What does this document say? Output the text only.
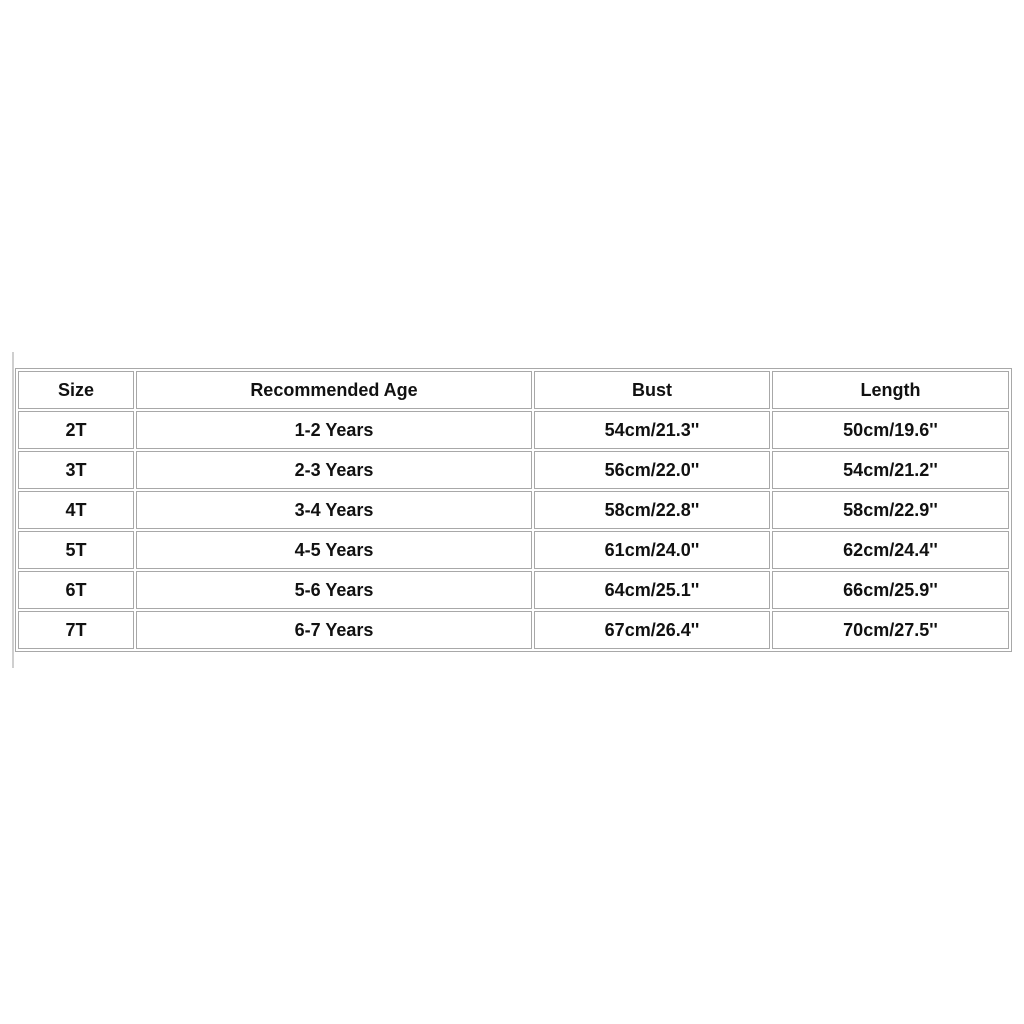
Size	Recommended Age	Bust	Length
2T	1-2 Years	54cm/21.3''	50cm/19.6''
3T	2-3 Years	56cm/22.0''	54cm/21.2''
4T	3-4 Years	58cm/22.8''	58cm/22.9''
5T	4-5 Years	61cm/24.0''	62cm/24.4''
6T	5-6 Years	64cm/25.1''	66cm/25.9''
7T	6-7 Years	67cm/26.4''	70cm/27.5''
